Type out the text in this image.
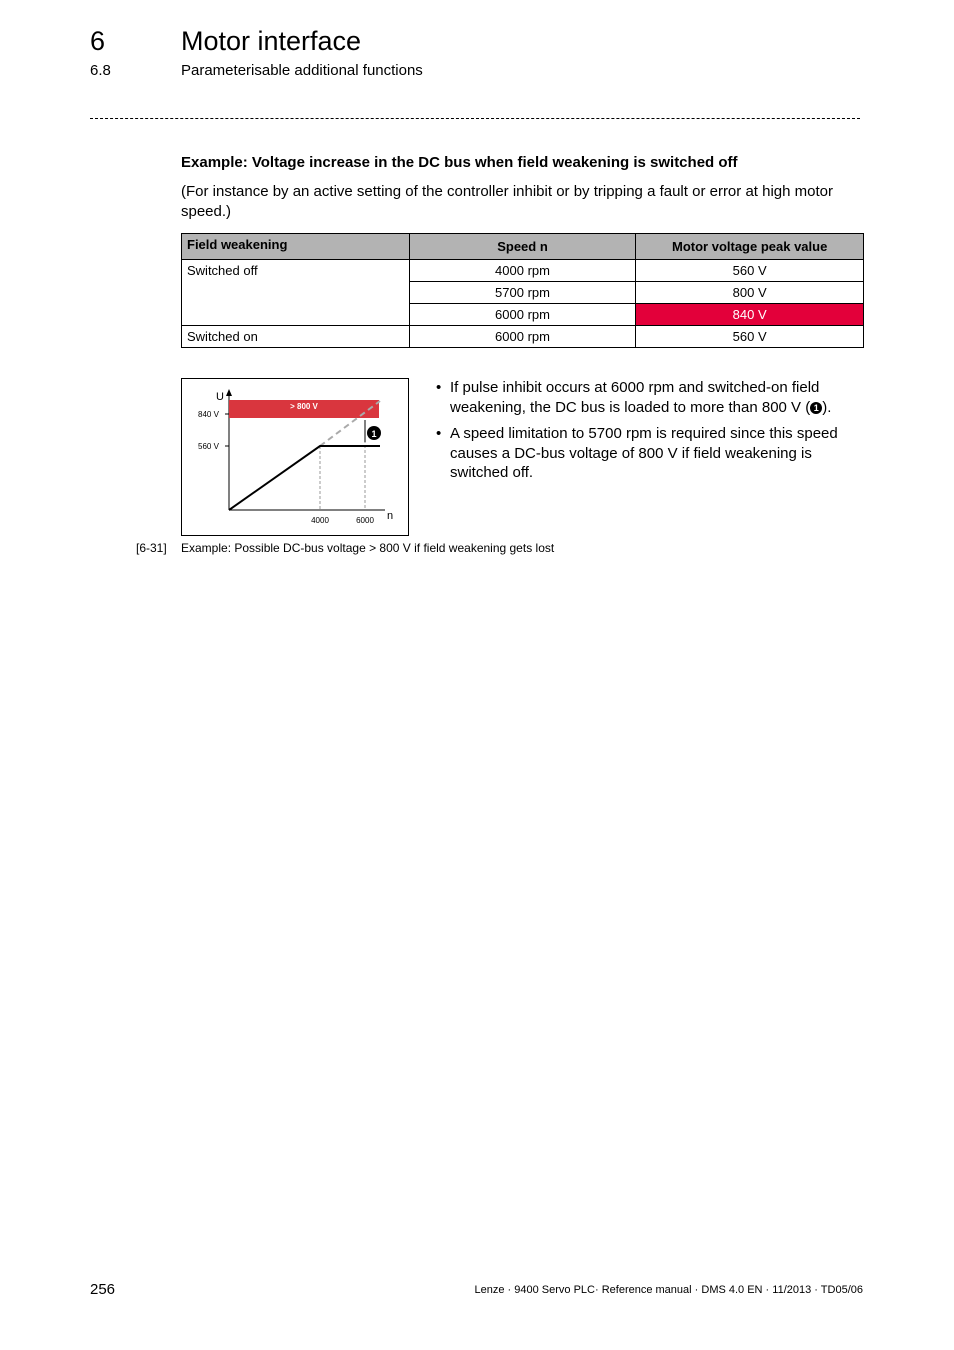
6	Motor interface
6.8	Parameterisable additional functions
Example: Voltage increase in the DC bus when field weakening is switched off
(For instance by an active setting of the controller inhibit or by tripping a fault or error at high motor speed.)
Field weakening	Speed n	Motor voltage peak value
Switched off	4000 rpm	560 V
	5700 rpm	800 V
	6000 rpm	840 V
Switched on	6000 rpm	560 V
> 800 V
840 V
560 V
U
1
4000	6000 n
• If pulse inhibit occurs at 6000 rpm and switched-on field weakening, the DC bus is loaded to more than 800 V ( 1 ).
• A speed limitation to 5700 rpm is required since this speed causes a DC-bus voltage of 800 V if field weakening is switched off.
[6-31] Example: Possible DC-bus voltage > 800 V if field weakening gets lost
256	Lenze · 9400 Servo PLC· Reference manual · DMS 4.0 EN · 11/2013 · TD05/06
